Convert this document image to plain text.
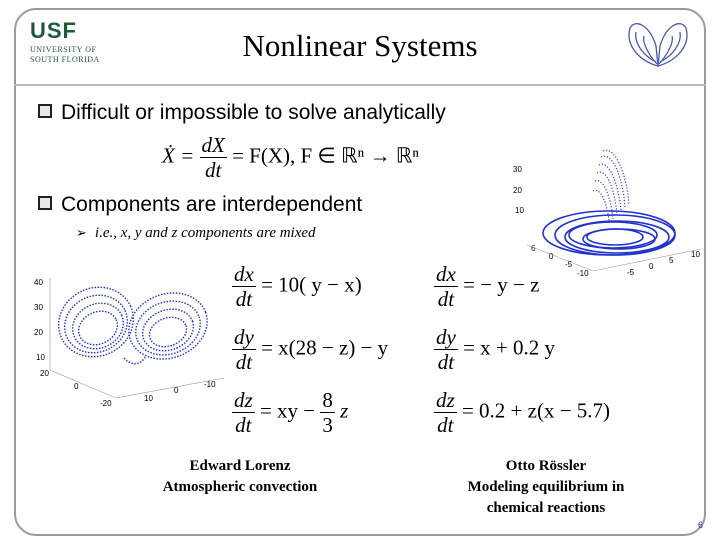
USF
UNIVERSITY OF
SOUTH FLORIDA	Nonlinear Systems
Difficult or impossible to solve analytically
Ẋ = $\frac{dX}{dt} = F(X)$, F ∈ ℝⁿ → ℝⁿ
Components are interdependent
➢ i.e., x, y and z components are mixed
30
20
10
6
0
-5
-10
10
5
0
-5
40
30
20
10
20
0
-20
10
0
-10
$\frac{dx}{dt} = 10$( y − x)
$\frac{dy}{dt} = x(28 - z) - y$
$\frac{dz}{dt}$ = xy − $\frac{8}{3}$ z
$\frac{dx}{dt}$ = − y − z
$\frac{dy}{dt} = x + 0.2$ y
$\frac{dz}{dt} = 0.2 + z(x - 5.7)$
Edward Lorenz
Atmospheric convection
Otto Rössler
Modeling equilibrium in
chemical reactions
6
